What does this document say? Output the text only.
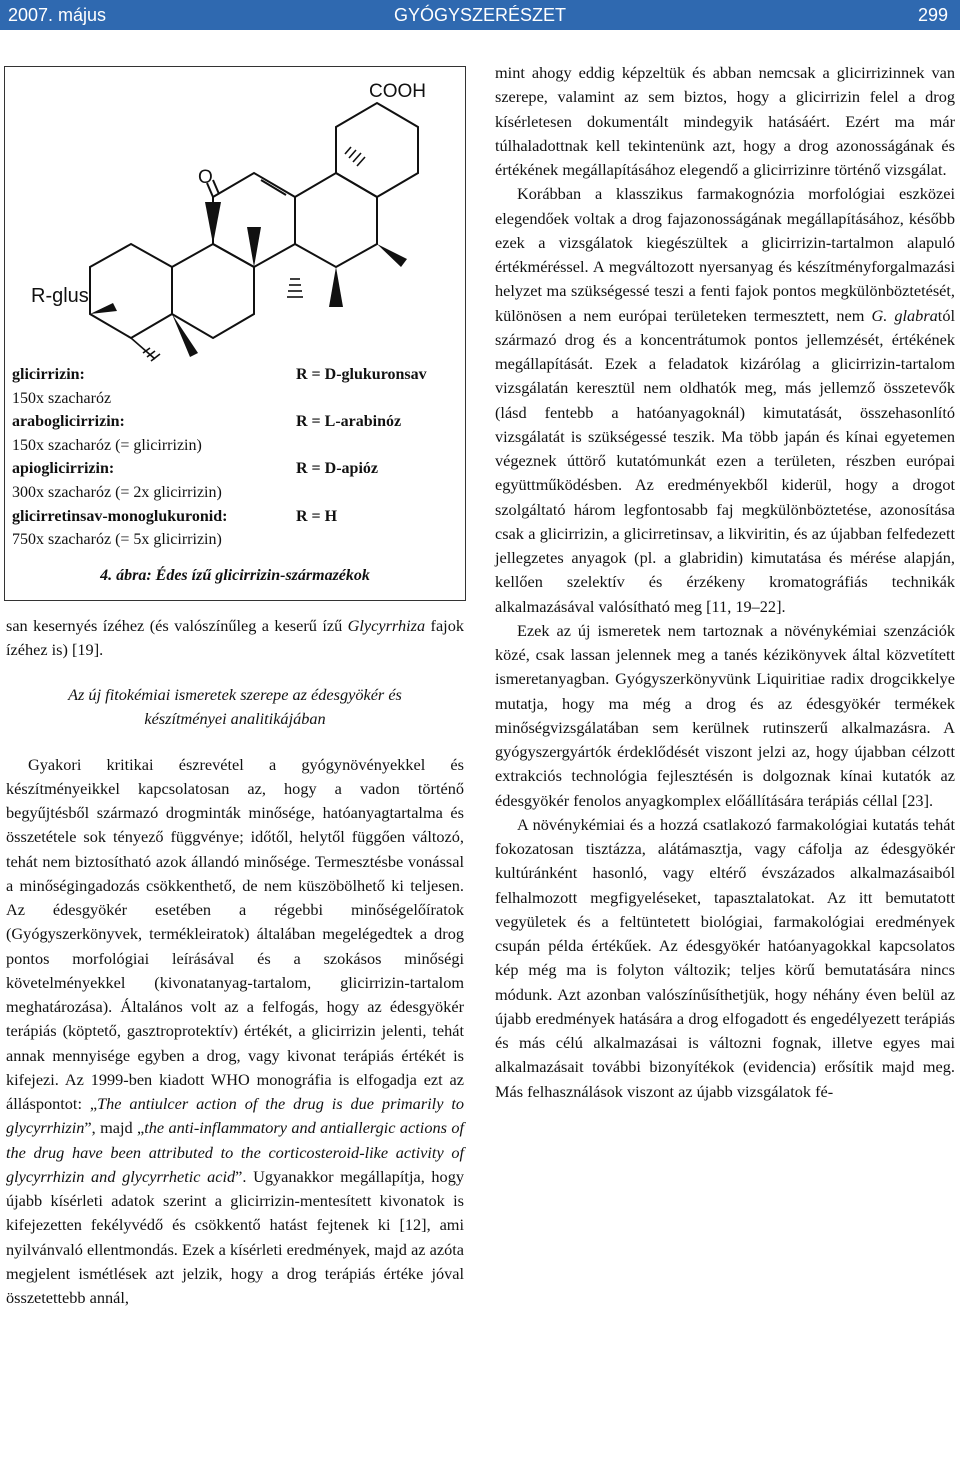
2007. május	GYÓGYSZERÉSZET	299
COOH
O
R-glus
glicirrizin:	R = D-glukuronsav
150x szacharóz
araboglicirrizin:	R = L-arabinóz
150x szacharóz (= glicirrizin)
apioglicirrizin:	R = D-apióz
300x szacharóz (= 2x glicirrizin)
glicirretinsav-monoglukuronid:	R = H
750x szacharóz (= 5x glicirrizin)
4. ábra: Édes ízű glicirrizin-származékok

san kesernyés ízéhez (és valószínűleg a keserű ízű Glycyrrhiza fajok ízéhez is) [19].

Az új fitokémiai ismeretek szerepe az édesgyökér és
készítményei analitikájában

Gyakori kritikai észrevétel a gyógynövényekkel és készítményeikkel kapcsolatosan az, hogy a vadon történő begyűjtésből származó drogminták minősége, hatóanyagtartalma és összetétele sok tényező függvénye; időtől, helytől függően változó, tehát nem biztosítható azok állandó minősége. Termesztésbe vonással a minőségingadozás csökkenthető, de nem küszöbölhető ki teljesen. Az édesgyökér esetében a régebbi minőségelőíratok (Gyógyszerkönyvek, termékleiratok) általában megelégedtek a drog pontos morfológiai leírásával és a szokásos minőségi követelményekkel (kivonatanyag-tartalom, glicirrizin-tartalom meghatározása). Általános volt az a felfogás, hogy az édesgyökér terápiás (köptető, gasztroprotektív) értékét, a glicirrizin jelenti, tehát annak mennyisége egyben a drog, vagy kivonat terápiás értékét is kifejezi. Az 1999-ben kiadott WHO monográfia is elfogadja ezt az álláspontot: „The antiulcer action of the drug is due primarily to glycyrrhizin”, majd „the anti-inflammatory and antiallergic actions of the drug have been attributed to the corticosteroid-like activity of glycyrrhizin and glycyrrhetic acid”. Ugyanakkor megállapítja, hogy újabb kísérleti adatok szerint a glicirrizin-mentesített kivonatok is kifejezetten fekélyvédő és csökkentő hatást fejtenek ki [12], ami nyilvánvaló ellentmondás. Ezek a kísérleti eredmények, majd az azóta megjelent ismétlések azt jelzik, hogy a drog terápiás értéke jóval összetettebb annál,

mint ahogy eddig képzeltük és abban nemcsak a glicirrizinnek van szerepe, valamint az sem biztos, hogy a glicirrizin felel a drog kísérletesen dokumentált mindegyik hatásáért. Ezért ma már túlhaladottnak kell tekintenünk azt, hogy a drog azonosságának és értékének megállapításához elegendő a glicirrizinre történő vizsgálat.

Korábban a klasszikus farmakognózia morfológiai eszközei elegendőek voltak a drog fajazonosságának megállapításához, később ezek a vizsgálatok kiegészültek a glicirrizin-tartalmon alapuló értékméréssel. A megváltozott nyersanyag és készítményforgalmazási helyzet ma szükségessé teszi a fenti fajok pontos megkülönböztetését, különösen a nem európai területeken termesztett, nem G. glabratól származó drog és a koncentrátumok pontos jellemzését, értékének megállapítását. Ezek a feladatok kizárólag a glicirrizin-tartalom vizsgálatán keresztül nem oldhatók meg, más jellemző összetevők (lásd fentebb a hatóanyagoknál) kimutatását, összehasonlító vizsgálatát is szükségessé teszik. Ma több japán és kínai egyetemen végeznek úttörő kutatómunkát ezen a területen, részben európai együttműködésben. Az eredményekből kiderül, hogy a drogot szolgáltató három legfontosabb faj megkülönböztetése, azonosítása csak a glicirrizin, a glicirretinsav, a likviritin, és az újabban felfedezett jellegzetes anyagok (pl. a glabridin) kimutatása és mérése alapján, kellően szelektív és érzékeny kromatográfiás technikák alkalmazásával valósítható meg [11, 19–22].

Ezek az új ismeretek nem tartoznak a növénykémiai szenzációk közé, csak lassan jelennek meg a tanés kézikönyvek által közvetített ismeretanyagban. Gyógyszerkönyvünk Liquiritiae radix drogcikkelye mutatja, hogy ma még a drog és az édesgyökér termékek minőségvizsgálatában sem kerülnek rutinszerű alkalmazásra. A gyógyszergyártók érdeklődését viszont jelzi az, hogy újabban célzott extrakciós technológia fejlesztésén is dolgoznak kínai kutatók az édesgyökér fenolos anyagkomplex előállítására terápiás céllal [23].

A növénykémiai és a hozzá csatlakozó farmakológiai kutatás tehát fokozatosan tisztázza, alátámasztja, vagy cáfolja az édesgyökér kultúránként hasonló, vagy eltérő évszázados alkalmazásaiból felhalmozott megfigyeléseket, tapasztalatokat. Az itt bemutatott vegyületek és a feltüntetett biológiai, farmakológiai eredmények csupán példa értékűek. Az édesgyökér hatóanyagokkal kapcsolatos kép még ma is folyton változik; teljes körű bemutatására nincs módunk. Azt azonban valószínűsíthetjük, hogy néhány éven belül az újabb eredmények hatására a drog elfogadott és engedélyezett terápiás és más célú alkalmazásai is változni fognak, illetve egyes mai alkalmazásait további bizonyítékok (evidencia) erősítik majd meg. Más felhasználások viszont az újabb vizsgálatok fé-
